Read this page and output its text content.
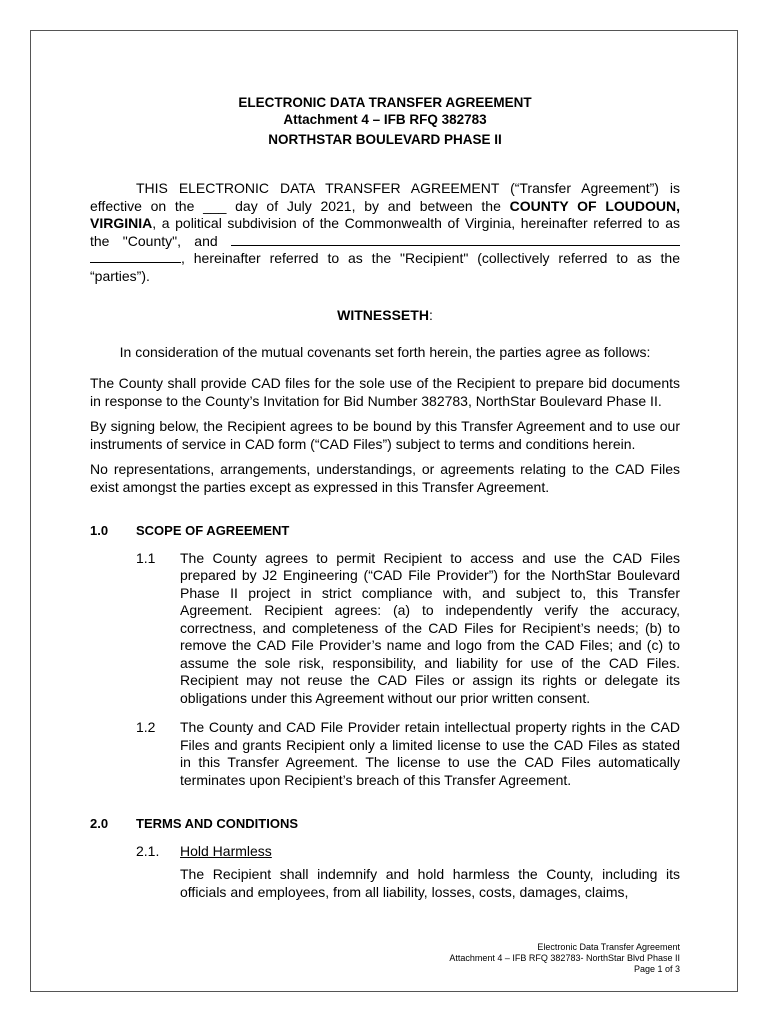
ELECTRONIC DATA TRANSFER AGREEMENT
Attachment 4 – IFB RFQ 382783
NORTHSTAR BOULEVARD PHASE II
THIS ELECTRONIC DATA TRANSFER AGREEMENT (“Transfer Agreement”) is effective on the ___ day of July 2021, by and between the COUNTY OF LOUDOUN, VIRGINIA, a political subdivision of the Commonwealth of Virginia, hereinafter referred to as the "County", and  , hereinafter referred to as the "Recipient" (collectively referred to as the “parties”).
WITNESSETH:
In consideration of the mutual covenants set forth herein, the parties agree as follows:
The County shall provide CAD files for the sole use of the Recipient to prepare bid documents in response to the County’s Invitation for Bid Number 382783, NorthStar Boulevard Phase II.
By signing below, the Recipient agrees to be bound by this Transfer Agreement and to use our instruments of service in CAD form (“CAD Files”) subject to terms and conditions herein.
No representations, arrangements, understandings, or agreements relating to the CAD Files exist amongst the parties except as expressed in this Transfer Agreement.
1.0	SCOPE OF AGREEMENT
1.1	The County agrees to permit Recipient to access and use the CAD Files prepared by J2 Engineering (“CAD File Provider”) for the NorthStar Boulevard Phase II project in strict compliance with, and subject to, this Transfer Agreement. Recipient agrees: (a) to independently verify the accuracy, correctness, and completeness of the CAD Files for Recipient’s needs; (b) to remove the CAD File Provider’s name and logo from the CAD Files; and (c) to assume the sole risk, responsibility, and liability for use of the CAD Files. Recipient may not reuse the CAD Files or assign its rights or delegate its obligations under this Agreement without our prior written consent.
1.2	The County and CAD File Provider retain intellectual property rights in the CAD Files and grants Recipient only a limited license to use the CAD Files as stated in this Transfer Agreement. The license to use the CAD Files automatically terminates upon Recipient’s breach of this Transfer Agreement.
2.0	TERMS AND CONDITIONS
2.1.	Hold Harmless
The Recipient shall indemnify and hold harmless the County, including its officials and employees, from all liability, losses, costs, damages, claims,
Electronic Data Transfer Agreement
Attachment 4 – IFB RFQ 382783- NorthStar Blvd Phase II
Page 1 of 3
